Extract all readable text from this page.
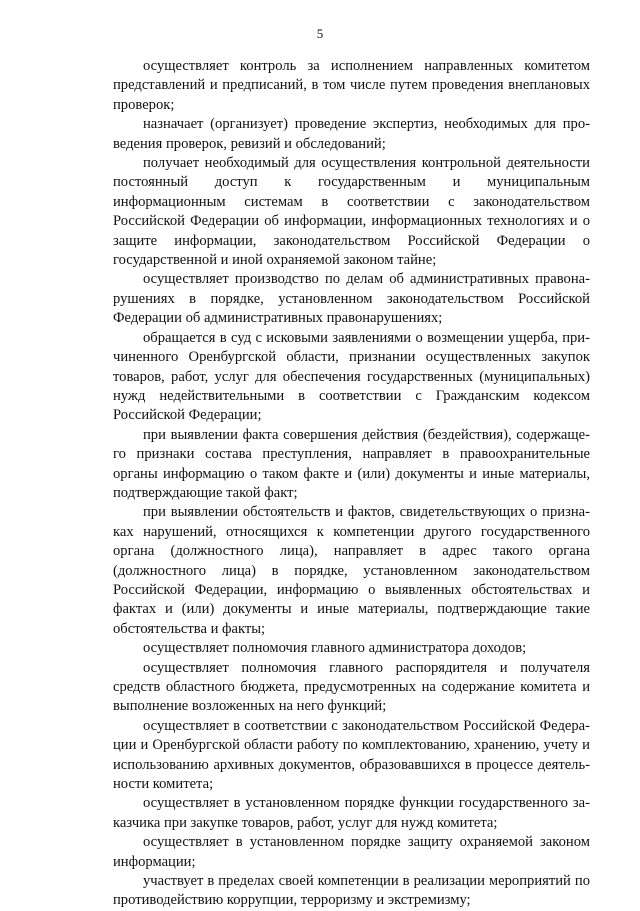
5

осуществляет контроль за исполнением направленных комитетом представлений и предписаний, в том числе путем проведения внеплановых проверок;

назначает (организует) проведение экспертиз, необходимых для проведения проверок, ревизий и обследований;

получает необходимый для осуществления контрольной деятельности постоянный доступ к государственным и муниципальным информационным системам в соответствии с законодательством Российской Федерации об информации, информационных технологиях и о защите информации, законодательством Российской Федерации о государственной и иной охраняемой законом тайне;

осуществляет производство по делам об административных правонарушениях в порядке, установленном законодательством Российской Федерации об административных правонарушениях;

обращается в суд с исковыми заявлениями о возмещении ущерба, причиненного Оренбургской области, признании осуществленных закупок товаров, работ, услуг для обеспечения государственных (муниципальных) нужд недействительными в соответствии с Гражданским кодексом Российской Федерации;

при выявлении факта совершения действия (бездействия), содержащего признаки состава преступления, направляет в правоохранительные органы информацию о таком факте и (или) документы и иные материалы, подтверждающие такой факт;

при выявлении обстоятельств и фактов, свидетельствующих о признаках нарушений, относящихся к компетенции другого государственного органа (должностного лица), направляет в адрес такого органа (должностного лица) в порядке, установленном законодательством Российской Федерации, информацию о выявленных обстоятельствах и фактах и (или) документы и иные материалы, подтверждающие такие обстоятельства и факты;

осуществляет полномочия главного администратора доходов;

осуществляет полномочия главного распорядителя и получателя средств областного бюджета, предусмотренных на содержание комитета и выполнение возложенных на него функций;

осуществляет в соответствии с законодательством Российской Федерации и Оренбургской области работу по комплектованию, хранению, учету и использованию архивных документов, образовавшихся в процессе деятельности комитета;

осуществляет в установленном порядке функции государственного заказчика при закупке товаров, работ, услуг для нужд комитета;

осуществляет в установленном порядке защиту охраняемой законом информации;

участвует в пределах своей компетенции в реализации мероприятий по противодействию коррупции, терроризму и экстремизму;
